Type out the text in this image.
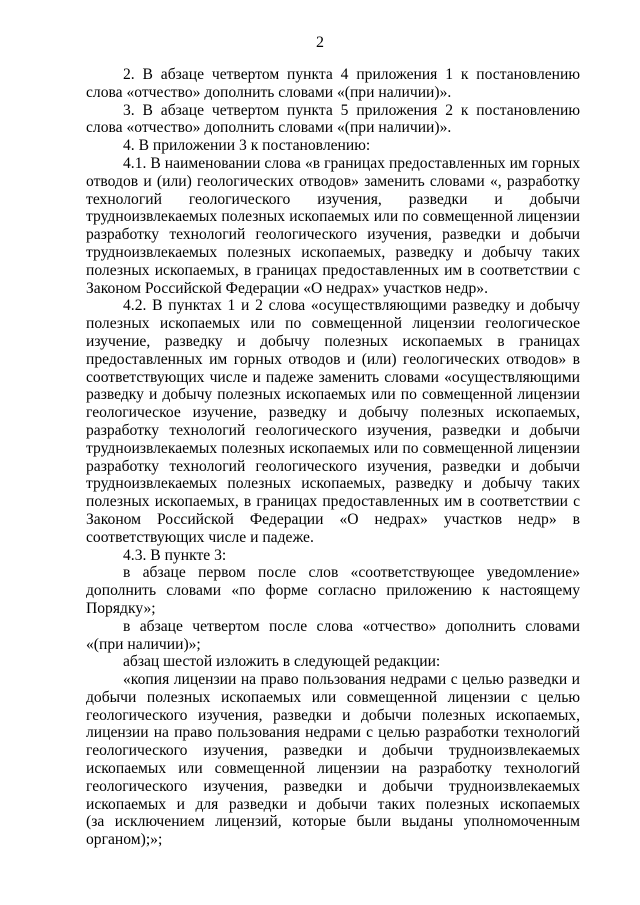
2
2. В абзаце четвертом пункта 4 приложения 1 к постановлению
слова «отчество» дополнить словами «(при наличии)».
3. В абзаце четвертом пункта 5 приложения 2 к постановлению
слова «отчество» дополнить словами «(при наличии)».
4. В приложении 3 к постановлению:
4.1. В наименовании слова «в границах предоставленных им горных
отводов и (или) геологических отводов» заменить словами «, разработку
технологий геологического изучения, разведки и добычи
трудноизвлекаемых полезных ископаемых или по совмещенной лицензии
разработку технологий геологического изучения, разведки и добычи
трудноизвлекаемых полезных ископаемых, разведку и добычу таких
полезных ископаемых, в границах предоставленных им в соответствии с
Законом Российской Федерации «О недрах» участков недр».
4.2. В пунктах 1 и 2 слова «осуществляющими разведку и добычу
полезных ископаемых или по совмещенной лицензии геологическое
изучение, разведку и добычу полезных ископаемых в границах
предоставленных им горных отводов и (или) геологических отводов» в
соответствующих числе и падеже заменить словами «осуществляющими
разведку и добычу полезных ископаемых или по совмещенной лицензии
геологическое изучение, разведку и добычу полезных ископаемых,
разработку технологий геологического изучения, разведки и добычи
трудноизвлекаемых полезных ископаемых или по совмещенной лицензии
разработку технологий геологического изучения, разведки и добычи
трудноизвлекаемых полезных ископаемых, разведку и добычу таких
полезных ископаемых, в границах предоставленных им в соответствии с
Законом Российской Федерации «О недрах» участков недр» в
соответствующих числе и падеже.
4.3. В пункте 3:
в абзаце первом после слов «соответствующее уведомление»
дополнить словами «по форме согласно приложению к настоящему
Порядку»;
в абзаце четвертом после слова «отчество» дополнить словами
«(при наличии)»;
абзац шестой изложить в следующей редакции:
«копия лицензии на право пользования недрами с целью разведки и
добычи полезных ископаемых или совмещенной лицензии с целью
геологического изучения, разведки и добычи полезных ископаемых,
лицензии на право пользования недрами с целью разработки технологий
геологического изучения, разведки и добычи трудноизвлекаемых
ископаемых или совмещенной лицензии на разработку технологий
геологического изучения, разведки и добычи трудноизвлекаемых
ископаемых и для разведки и добычи таких полезных ископаемых
(за исключением лицензий, которые были выданы уполномоченным
органом);»;
